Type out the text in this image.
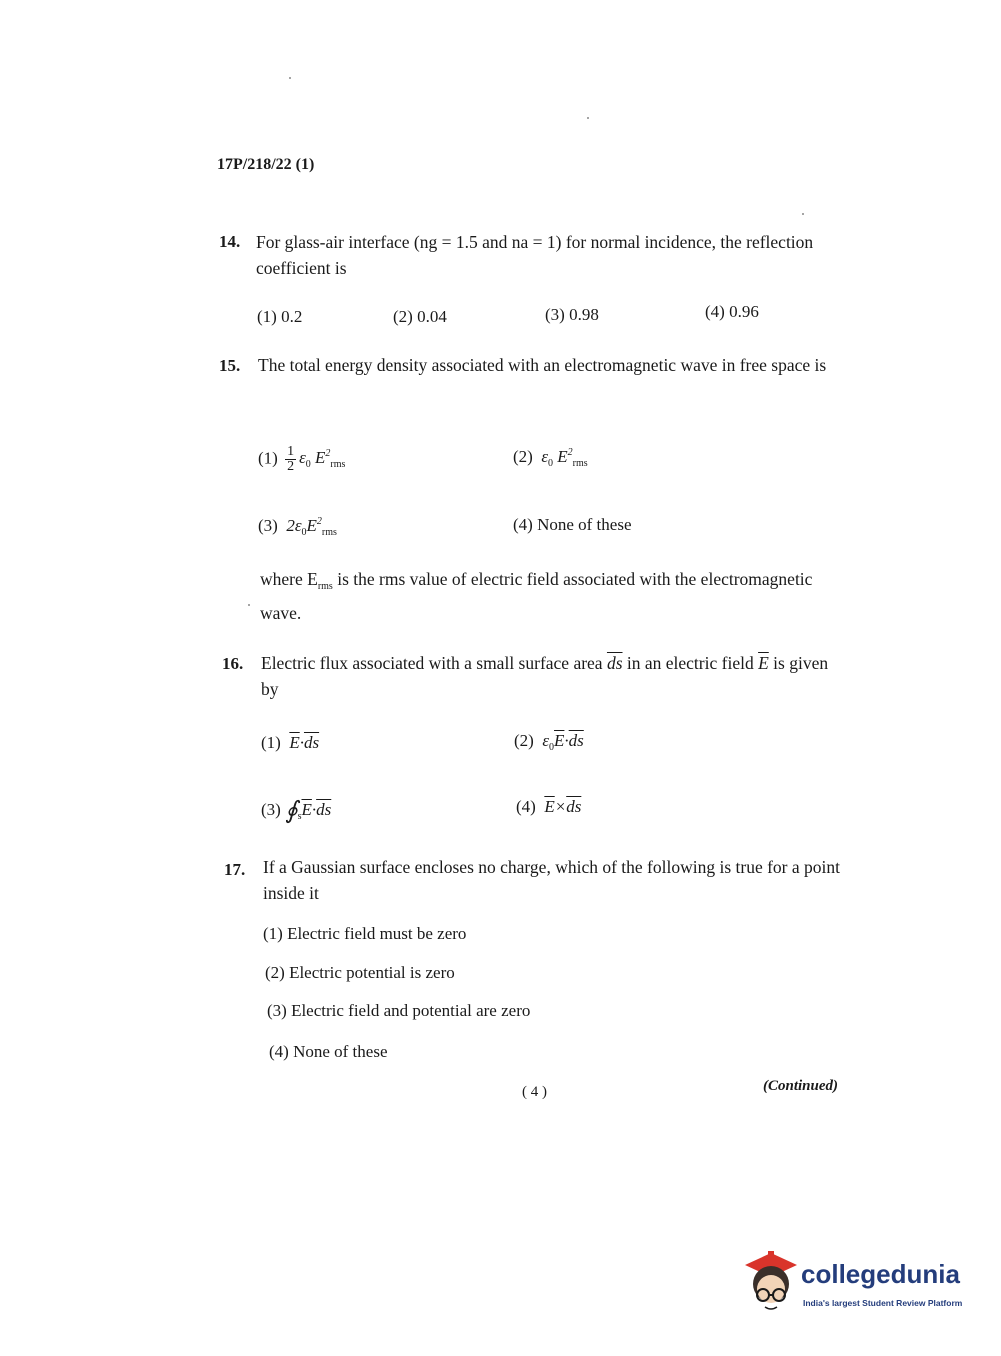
17P/218/22 (1)
14. For glass-air interface (ng = 1.5 and na = 1) for normal incidence, the reflection coefficient is
(1) 0.2	(2) 0.04	(3) 0.98	(4) 0.96
15. The total energy density associated with an electromagnetic wave in free space is
$(1) \frac{1}{2} \varepsilon_0$ $E^2_{rms}$	(2)  $\varepsilon_0$ $E^2_{rms}$
(3)  $2\varepsilon_0E^2_{rms}$	(4) None of these
where $E_{rms}$ is the rms value of electric field associated with the electromagnetic wave.
16. Electric flux associated with a small surface area $\overline{ds}$ in an electric field $\overline{E}$ is given by
(1) $\overline{E}\cdot\overline{ds}$	(2)  $\varepsilon_0\overline{E}\cdot\overline{ds}$
(3) $∮_s\overline{E}\cdot\overline{ds}$	(4) $\overline{E}\times\overline{ds}$
17. If a Gaussian surface encloses no charge, which of the following is true for a point inside it
(1) Electric field must be zero
(2) Electric potential is zero
(3) Electric field and potential are zero
(4) None of these
( 4 )	(Continued)
collegedunia
India's largest Student Review Platform
